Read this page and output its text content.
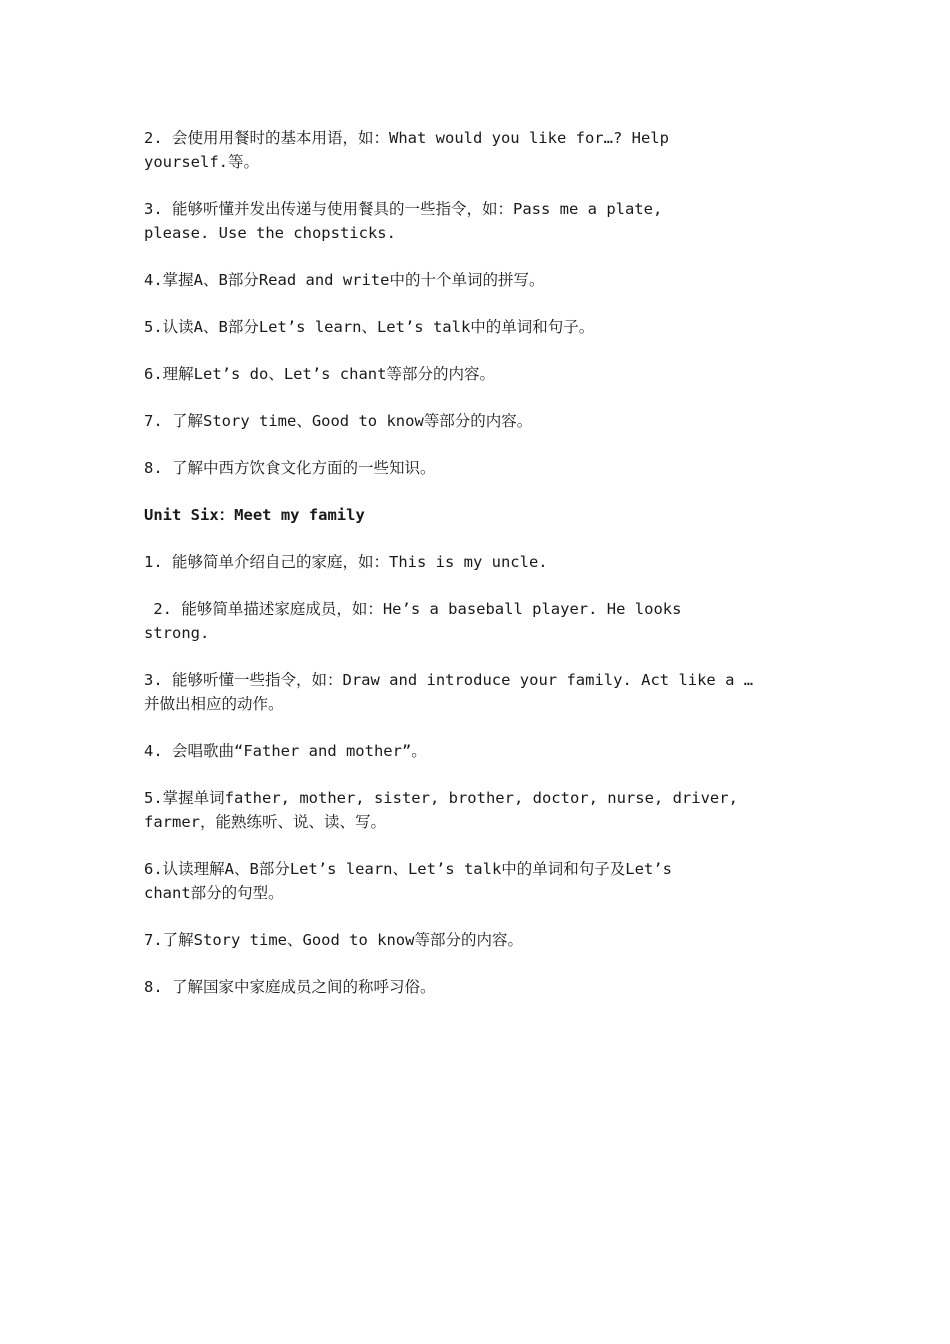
2. 会使用用餐时的基本用语，如：What would you like for…? Help
yourself.等。
3. 能够听懂并发出传递与使用餐具的一些指令，如：Pass me a plate,
please. Use the chopsticks.
4.掌握A、B部分Read and write中的十个单词的拼写。
5.认读A、B部分Let’s learn、Let’s talk中的单词和句子。
6.理解Let’s do、Let’s chant等部分的内容。
7. 了解Story time、Good to know等部分的内容。
8. 了解中西方饮食文化方面的一些知识。
Unit Six：Meet my family
1. 能够简单介绍自己的家庭，如：This is my uncle.
2. 能够简单描述家庭成员，如：He’s a baseball player. He looks
strong.
3. 能够听懂一些指令，如：Draw and introduce your family. Act like a …
并做出相应的动作。
4. 会唱歌曲“Father and mother”。
5.掌握单词father, mother, sister, brother, doctor, nurse, driver,
farmer，能熟练听、说、读、写。
6.认读理解A、B部分Let’s learn、Let’s talk中的单词和句子及Let’s
chant部分的句型。
7.了解Story time、Good to know等部分的内容。
8. 了解国家中家庭成员之间的称呼习俗。
